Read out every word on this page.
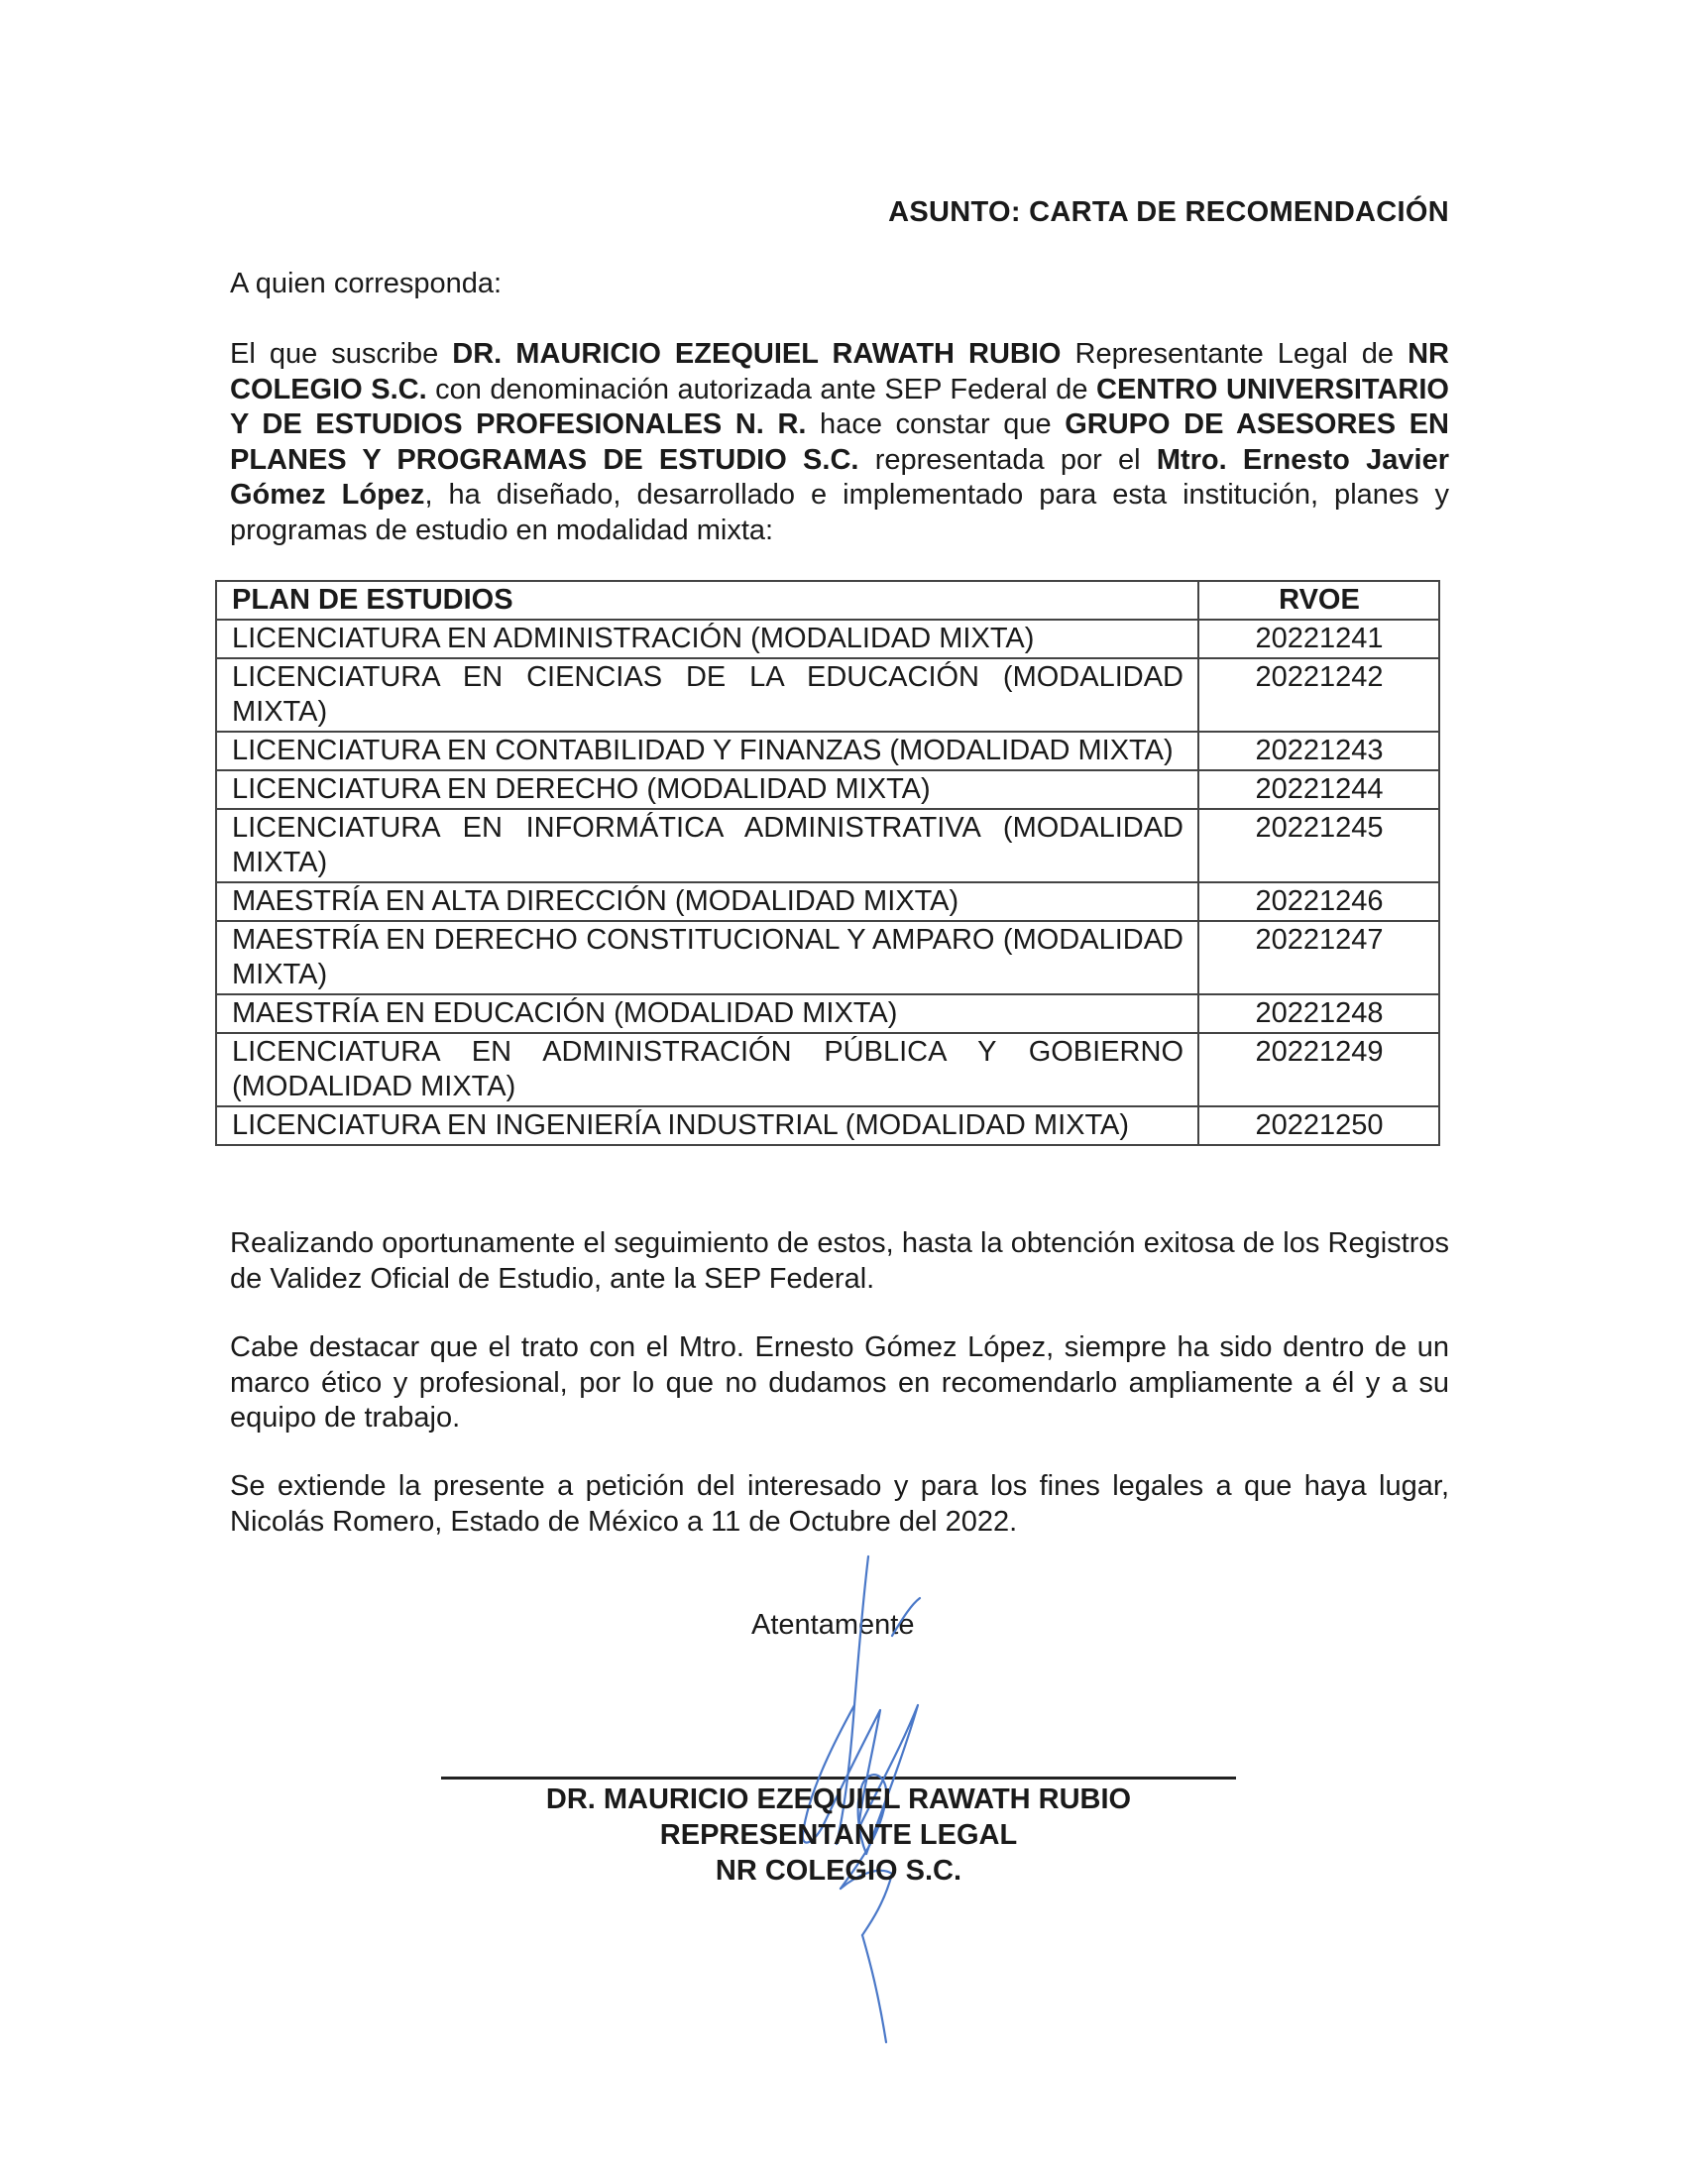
ASUNTO: CARTA DE RECOMENDACIÓN
A quien corresponda:
El que suscribe DR. MAURICIO EZEQUIEL RAWATH RUBIO Representante Legal de NR COLEGIO S.C. con denominación autorizada ante SEP Federal de CENTRO UNIVERSITARIO Y DE ESTUDIOS PROFESIONALES N. R. hace constar que GRUPO DE ASESORES EN PLANES Y PROGRAMAS DE ESTUDIO S.C. representada por el Mtro. Ernesto Javier Gómez López, ha diseñado, desarrollado e implementado para esta institución, planes y programas de estudio en modalidad mixta:
PLAN DE ESTUDIOS	RVOE
LICENCIATURA EN ADMINISTRACIÓN (MODALIDAD MIXTA)	20221241
LICENCIATURA EN CIENCIAS DE LA EDUCACIÓN (MODALIDAD MIXTA)	20221242
LICENCIATURA EN CONTABILIDAD Y FINANZAS (MODALIDAD MIXTA)	20221243
LICENCIATURA EN DERECHO (MODALIDAD MIXTA)	20221244
LICENCIATURA EN INFORMÁTICA ADMINISTRATIVA (MODALIDAD MIXTA)	20221245
MAESTRÍA EN ALTA DIRECCIÓN (MODALIDAD MIXTA)	20221246
MAESTRÍA EN DERECHO CONSTITUCIONAL Y AMPARO (MODALIDAD MIXTA)	20221247
MAESTRÍA EN EDUCACIÓN (MODALIDAD MIXTA)	20221248
LICENCIATURA EN ADMINISTRACIÓN PÚBLICA Y GOBIERNO (MODALIDAD MIXTA)	20221249
LICENCIATURA EN INGENIERÍA INDUSTRIAL (MODALIDAD MIXTA)	20221250
Realizando oportunamente el seguimiento de estos, hasta la obtención exitosa de los Registros de Validez Oficial de Estudio, ante la SEP Federal.
Cabe destacar que el trato con el Mtro. Ernesto Gómez López, siempre ha sido dentro de un marco ético y profesional, por lo que no dudamos en recomendarlo ampliamente a él y a su equipo de trabajo.
Se extiende la presente a petición del interesado y para los fines legales a que haya lugar, Nicolás Romero, Estado de México a 11 de Octubre del 2022.
Atentamente
DR. MAURICIO EZEQUIEL RAWATH RUBIO
REPRESENTANTE LEGAL
NR COLEGIO S.C.
